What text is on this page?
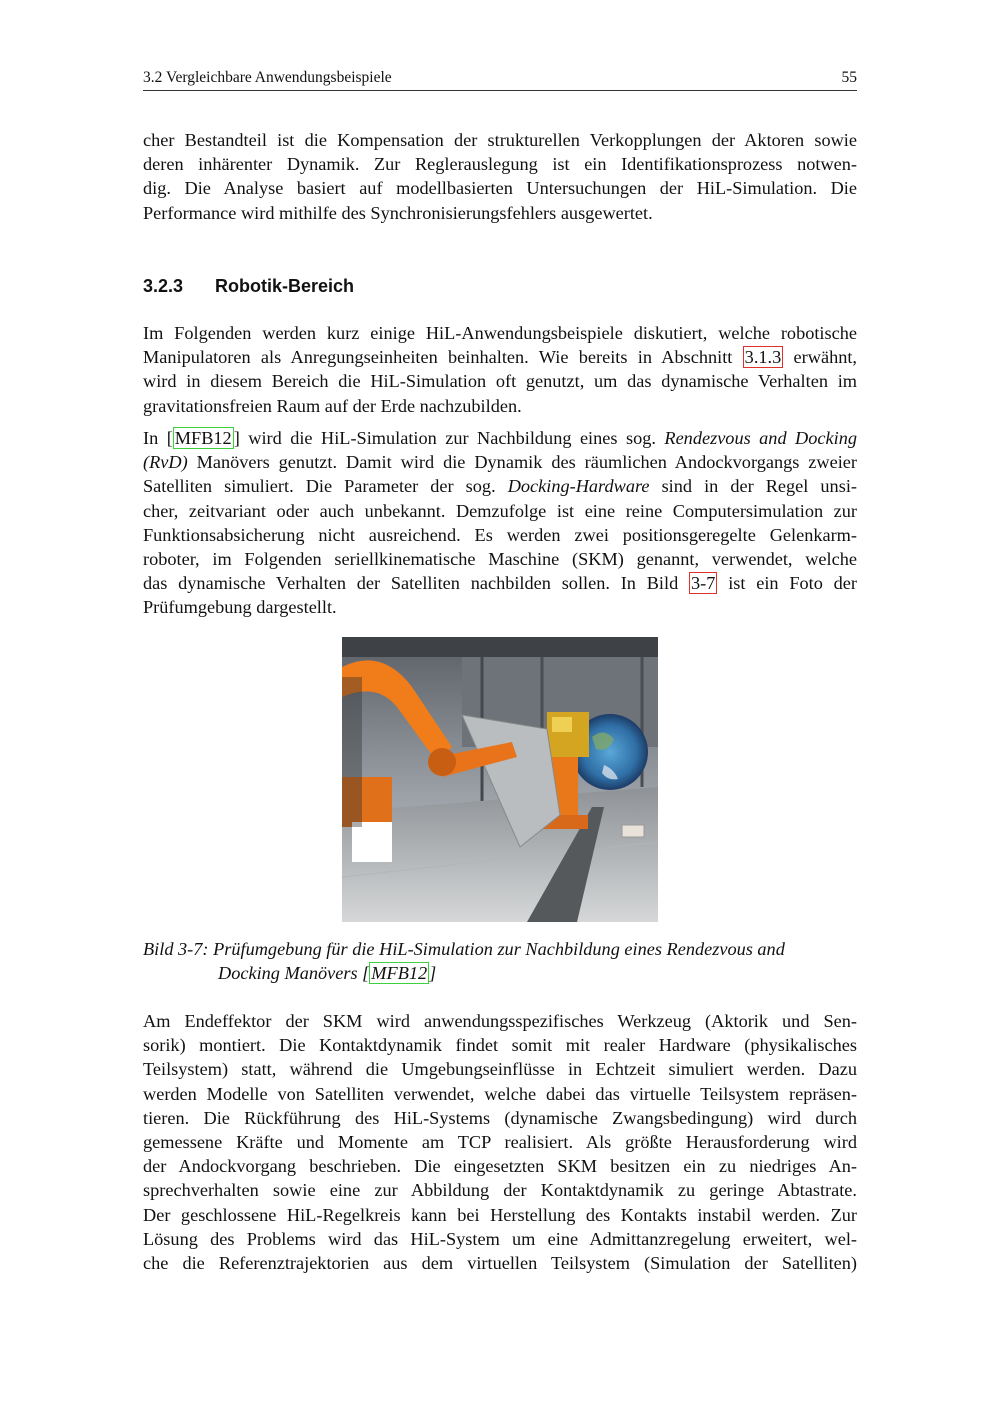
3.2 Vergleichbare Anwendungsbeispiele	55
cher Bestandteil ist die Kompensation der strukturellen Verkopplungen der Aktoren sowie
deren inhärenter Dynamik. Zur Reglerauslegung ist ein Identifikationsprozess notwen-
dig. Die Analyse basiert auf modellbasierten Untersuchungen der HiL-Simulation. Die
Performance wird mithilfe des Synchronisierungsfehlers ausgewertet.
3.2.3 Robotik-Bereich
Im Folgenden werden kurz einige HiL-Anwendungsbeispiele diskutiert, welche robotische
Manipulatoren als Anregungseinheiten beinhalten. Wie bereits in Abschnitt 3.1.3 erwähnt,
wird in diesem Bereich die HiL-Simulation oft genutzt, um das dynamische Verhalten im
gravitationsfreien Raum auf der Erde nachzubilden.
In [ MFB12 ] wird die HiL-Simulation zur Nachbildung eines sog. Rendezvous and Docking
(RvD) Manövers genutzt. Damit wird die Dynamik des räumlichen Andockvorgangs zweier
Satelliten simuliert. Die Parameter der sog. Docking-Hardware sind in der Regel unsi-
cher, zeitvariant oder auch unbekannt. Demzufolge ist eine reine Computersimulation zur
Funktionsabsicherung nicht ausreichend. Es werden zwei positionsgeregelte Gelenkarm-
roboter, im Folgenden seriellkinematische Maschine (SKM) genannt, verwendet, welche
das dynamische Verhalten der Satelliten nachbilden sollen. In Bild 3-7 ist ein Foto der
Prüfumgebung dargestellt.
Bild 3-7: Prüfumgebung für die HiL-Simulation zur Nachbildung eines Rendezvous and
Docking Manövers [ MFB12 ]
Am Endeffektor der SKM wird anwendungsspezifisches Werkzeug (Aktorik und Sen-
sorik) montiert. Die Kontaktdynamik findet somit mit realer Hardware (physikalisches
Teilsystem) statt, während die Umgebungseinflüsse in Echtzeit simuliert werden. Dazu
werden Modelle von Satelliten verwendet, welche dabei das virtuelle Teilsystem repräsen-
tieren. Die Rückführung des HiL-Systems (dynamische Zwangsbedingung) wird durch
gemessene Kräfte und Momente am TCP realisiert. Als größte Herausforderung wird
der Andockvorgang beschrieben. Die eingesetzten SKM besitzen ein zu niedriges An-
sprechverhalten sowie eine zur Abbildung der Kontaktdynamik zu geringe Abtastrate.
Der geschlossene HiL-Regelkreis kann bei Herstellung des Kontakts instabil werden. Zur
Lösung des Problems wird das HiL-System um eine Admittanzregelung erweitert, wel-
che die Referenztrajektorien aus dem virtuellen Teilsystem (Simulation der Satelliten)
